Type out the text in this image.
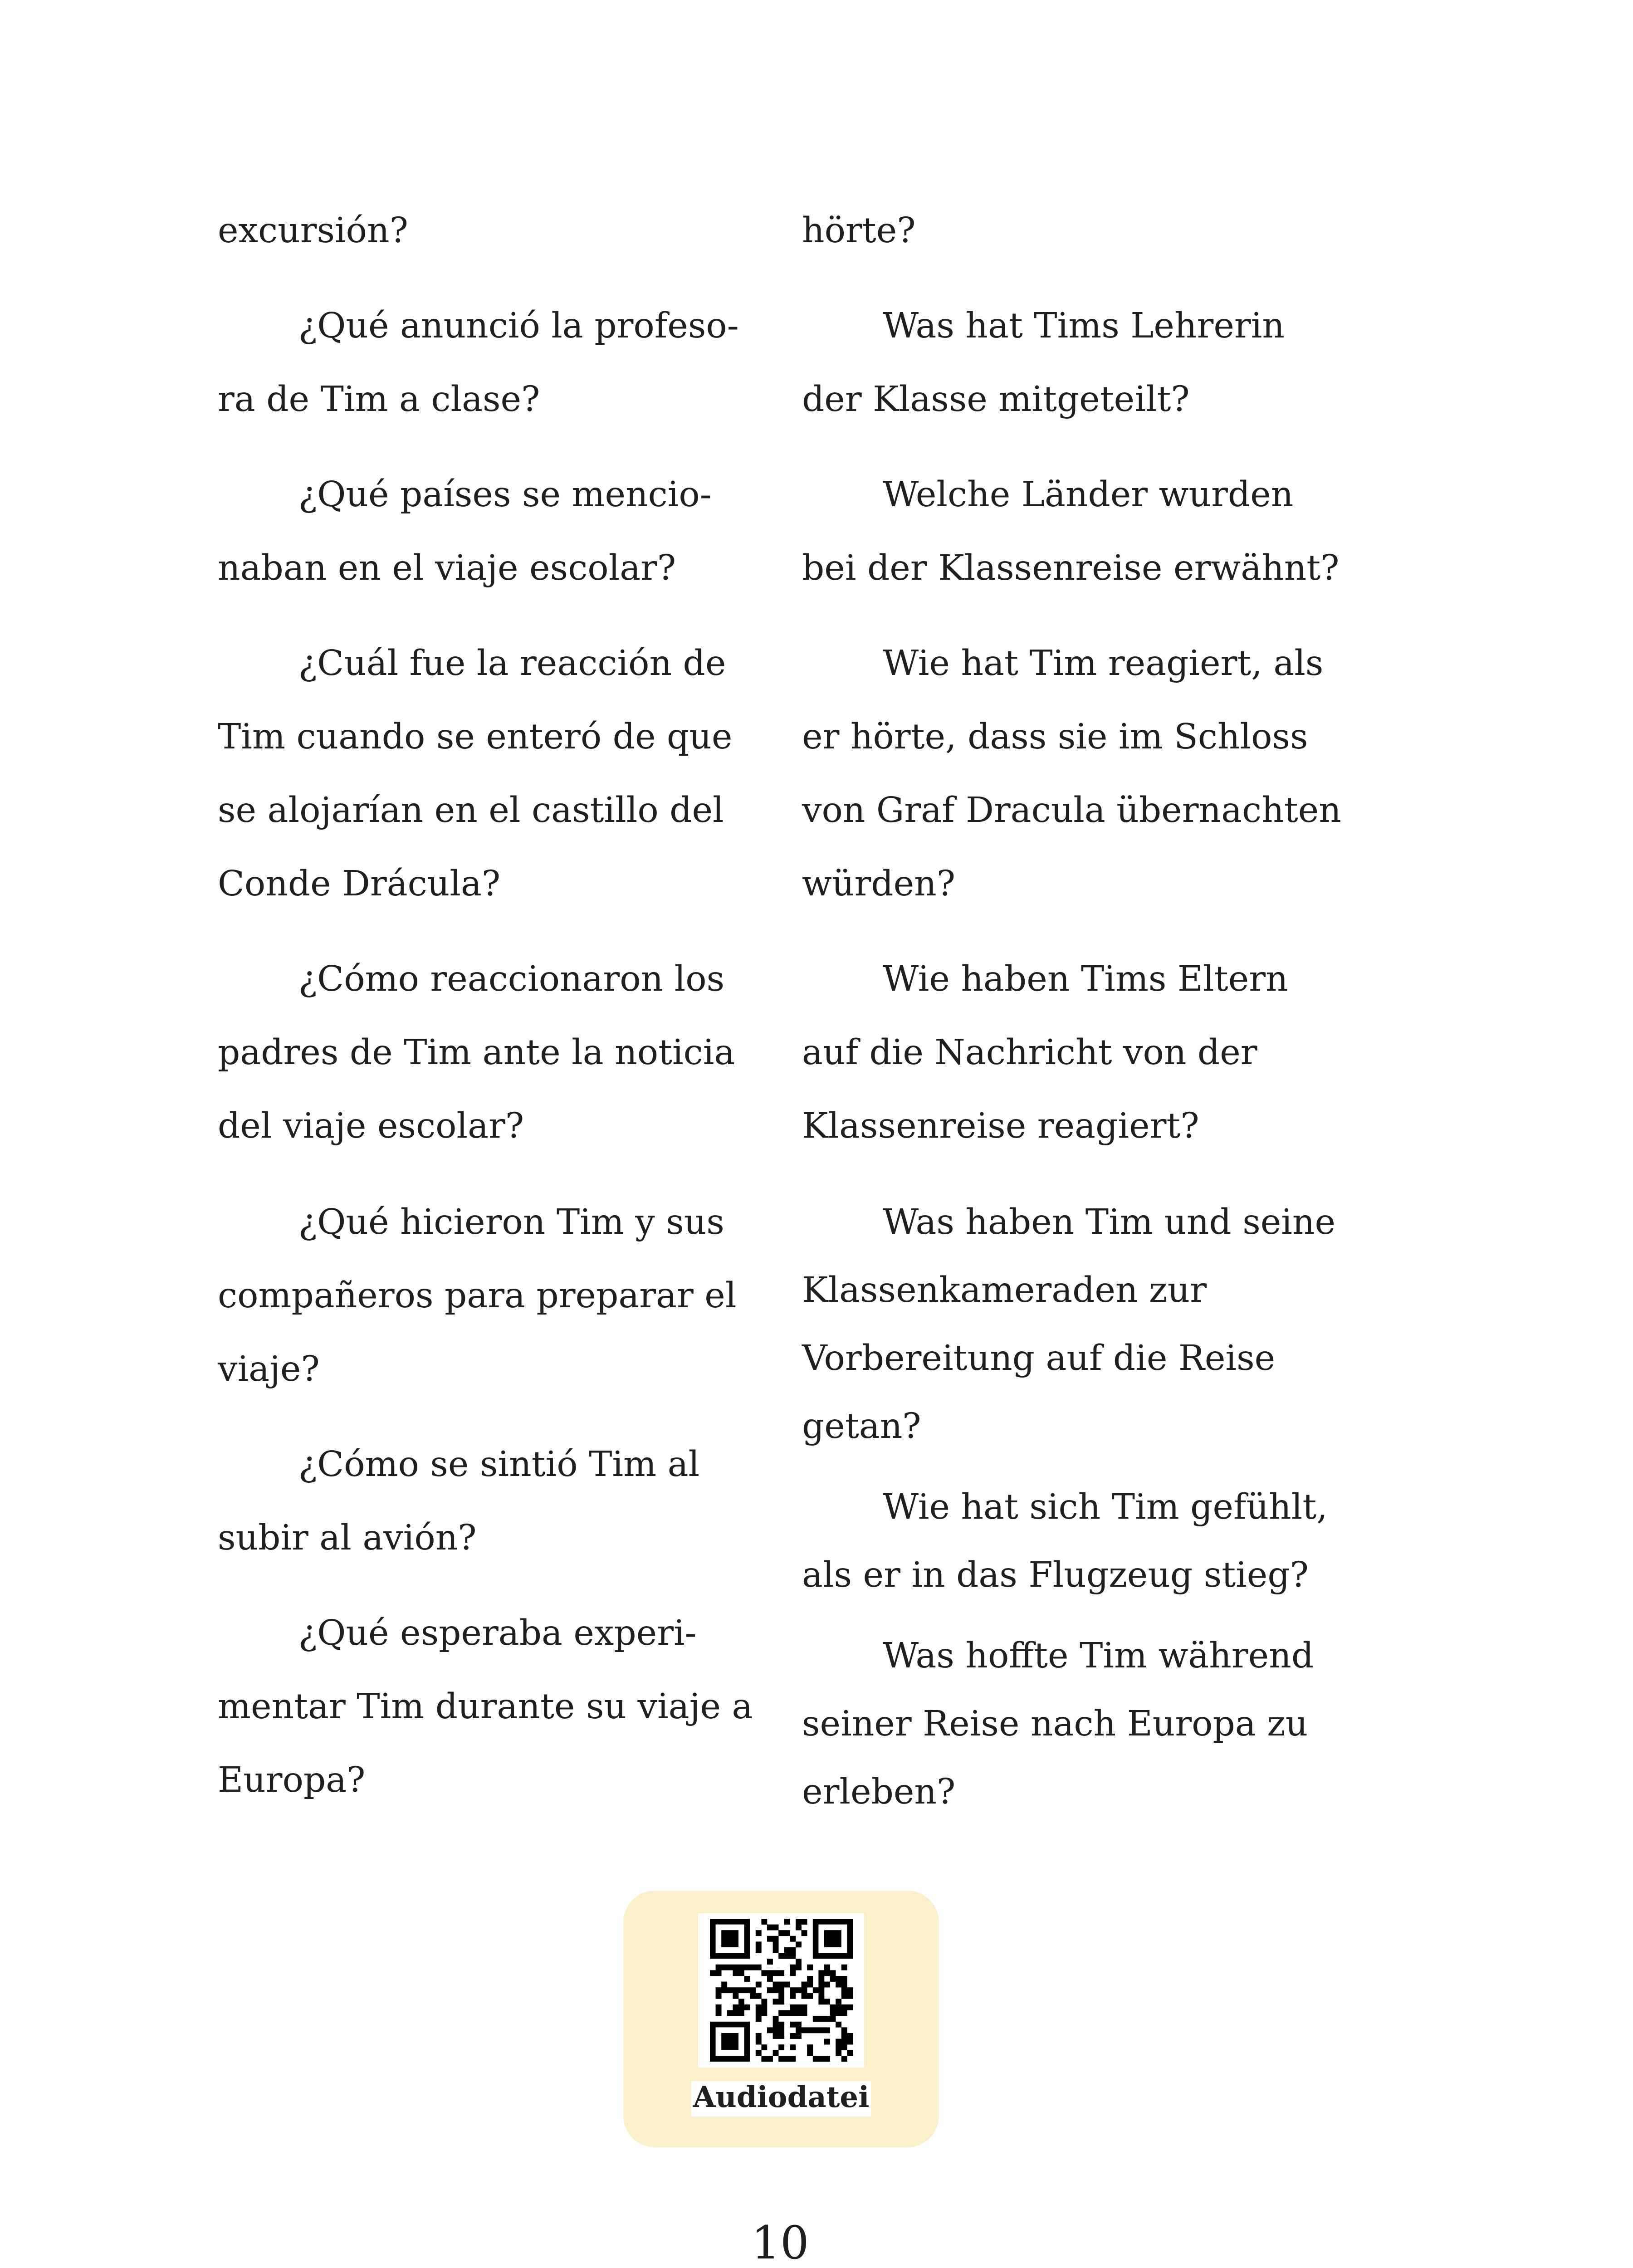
excursión?
¿Qué anunció la profeso-
ra de Tim a clase?
¿Qué países se mencio-
naban en el viaje escolar?
¿Cuál fue la reacción de
Tim cuando se enteró de que
se alojarían en el castillo del
Conde Drácula?
¿Cómo reaccionaron los
padres de Tim ante la noticia
del viaje escolar?
¿Qué hicieron Tim y sus
compañeros para preparar el
viaje?
¿Cómo se sintió Tim al
subir al avión?
¿Qué esperaba experi-
mentar Tim durante su viaje a
Europa?
hörte?
Was hat Tims Lehrerin
der Klasse mitgeteilt?
Welche Länder wurden
bei der Klassenreise erwähnt?
Wie hat Tim reagiert, als
er hörte, dass sie im Schloss
von Graf Dracula übernachten
würden?
Wie haben Tims Eltern
auf die Nachricht von der
Klassenreise reagiert?
Was haben Tim und seine
Klassenkameraden zur
Vorbereitung auf die Reise
getan?
Wie hat sich Tim gefühlt,
als er in das Flugzeug stieg?
Was hoffte Tim während
seiner Reise nach Europa zu
erleben?
Audiodatei
10
